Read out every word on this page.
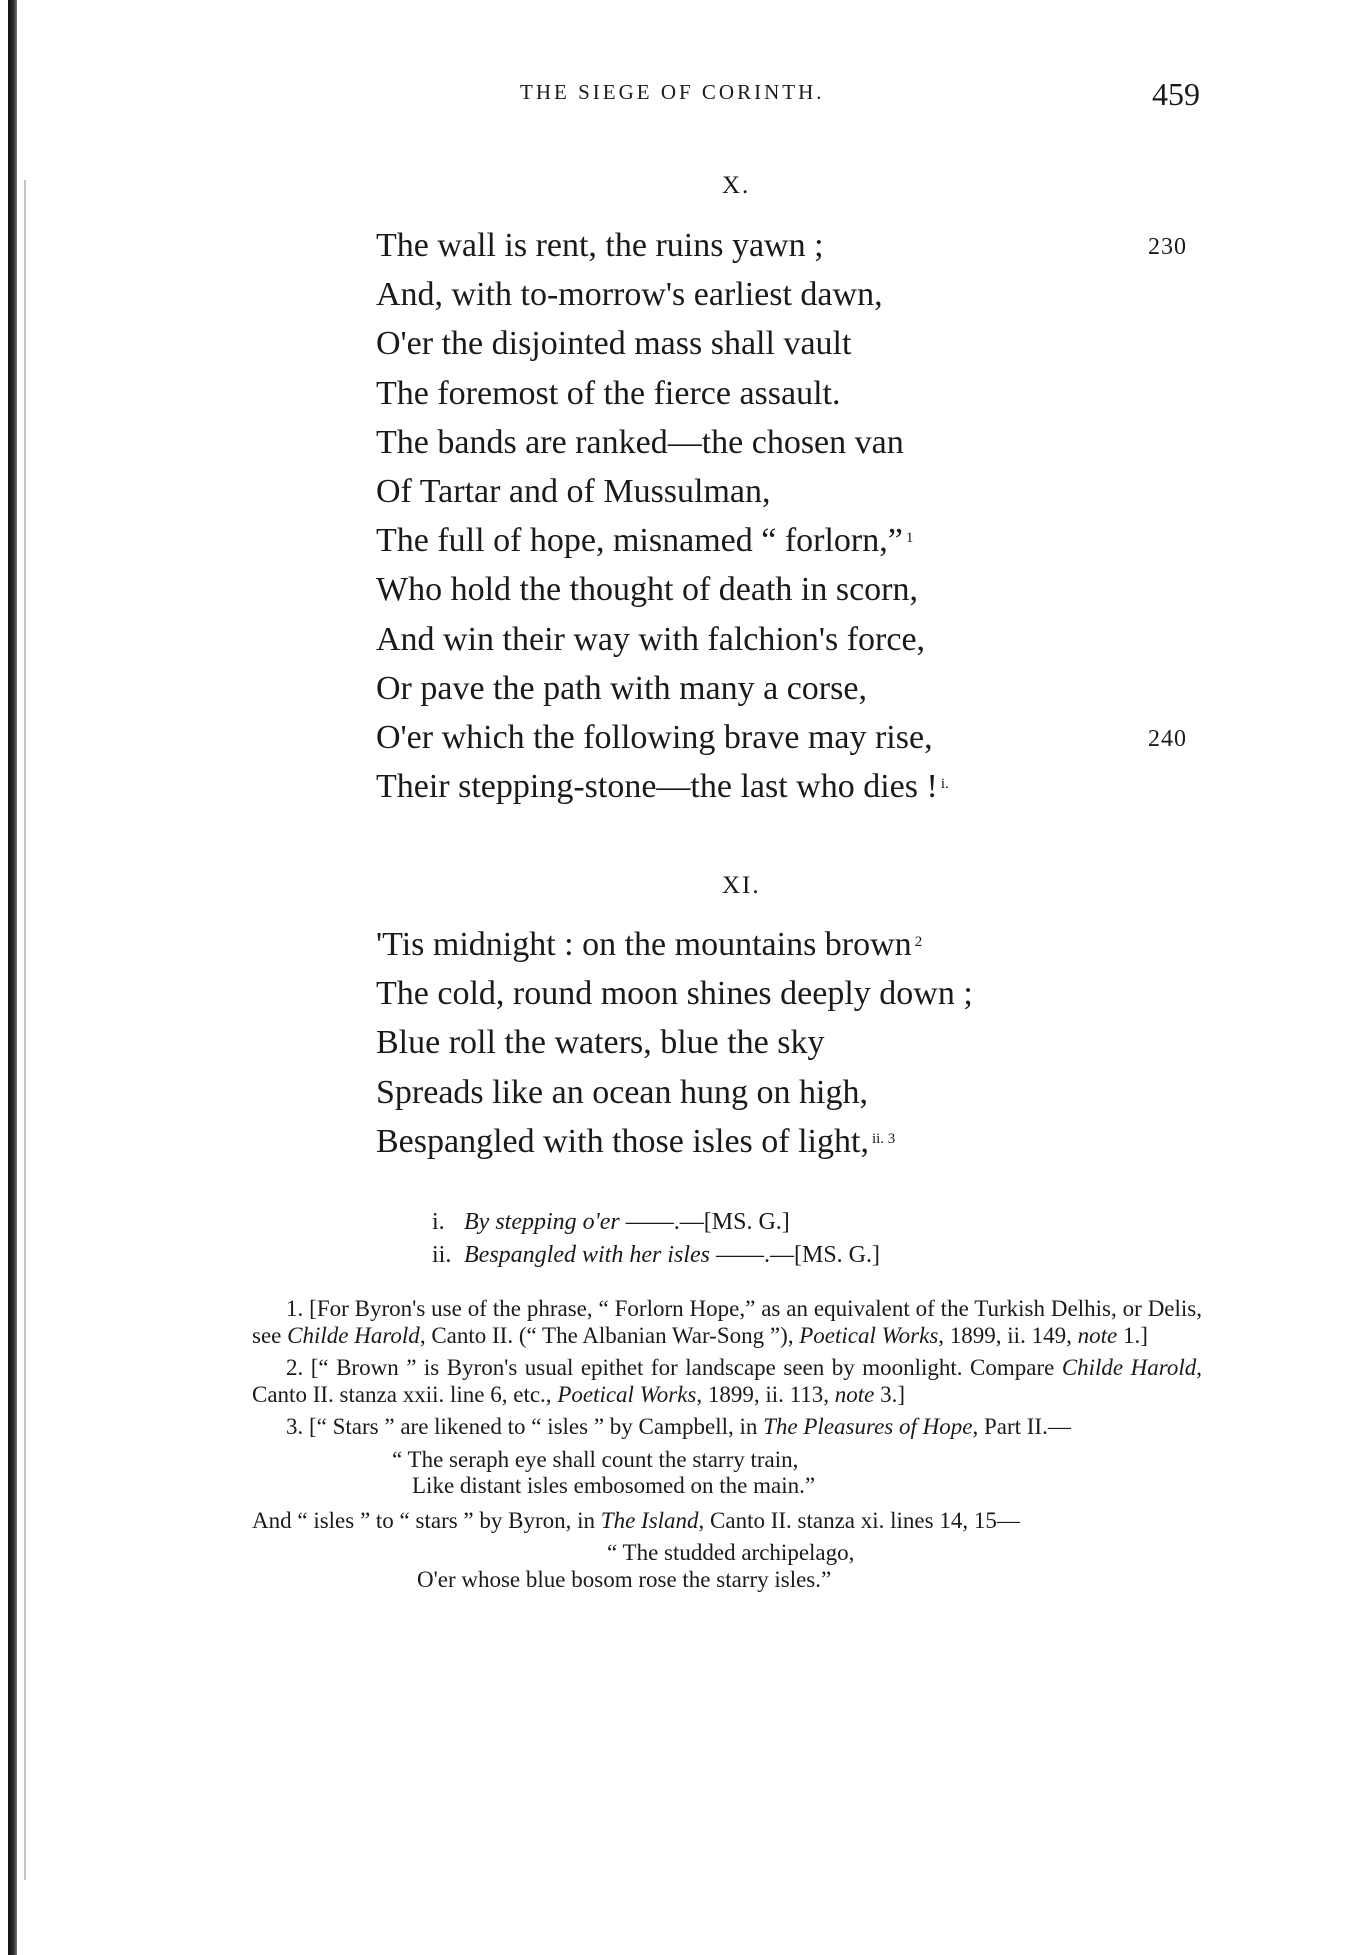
THE SIEGE OF CORINTH.	459
X.
The wall is rent, the ruins yawn ;
And, with to-morrow's earliest dawn,
O'er the disjointed mass shall vault
The foremost of the fierce assault.
The bands are ranked—the chosen van
Of Tartar and of Mussulman,
The full of hope, misnamed “ forlorn,” $^1$
Who hold the thought of death in scorn,
And win their way with falchion's force,
Or pave the path with many a corse,
O'er which the following brave may rise,
Their stepping-stone—the last who dies ! $^{i.}$
230
240
XI.
'Tis midnight : on the mountains brown $^2$
The cold, round moon shines deeply down ;
Blue roll the waters, blue the sky
Spreads like an ocean hung on high,
Bespangled with those isles of light, $^{ii. 3}$
i. By stepping o'er ——.—[MS. G.]
ii. Bespangled with her isles ——.—[MS. G.]

1. [For Byron's use of the phrase, “ Forlorn Hope,” as an equivalent of the Turkish Delhis, or Delis, see Childe Harold, Canto II. (“ The Albanian War-Song ”), Poetical Works, 1899, ii. 149, note 1.]

2. [“ Brown ” is Byron's usual epithet for landscape seen by moonlight. Compare Childe Harold, Canto II. stanza xxii. line 6, etc., Poetical Works, 1899, ii. 113, note 3.]

3. [“ Stars ” are likened to “ isles ” by Campbell, in The Pleasures of Hope, Part II.—

“ The seraph eye shall count the starry train,
Like distant isles embosomed on the main.”

And “ isles ” to “ stars ” by Byron, in The Island, Canto II. stanza xi. lines 14, 15—

“ The studded archipelago,
O'er whose blue bosom rose the starry isles.”
